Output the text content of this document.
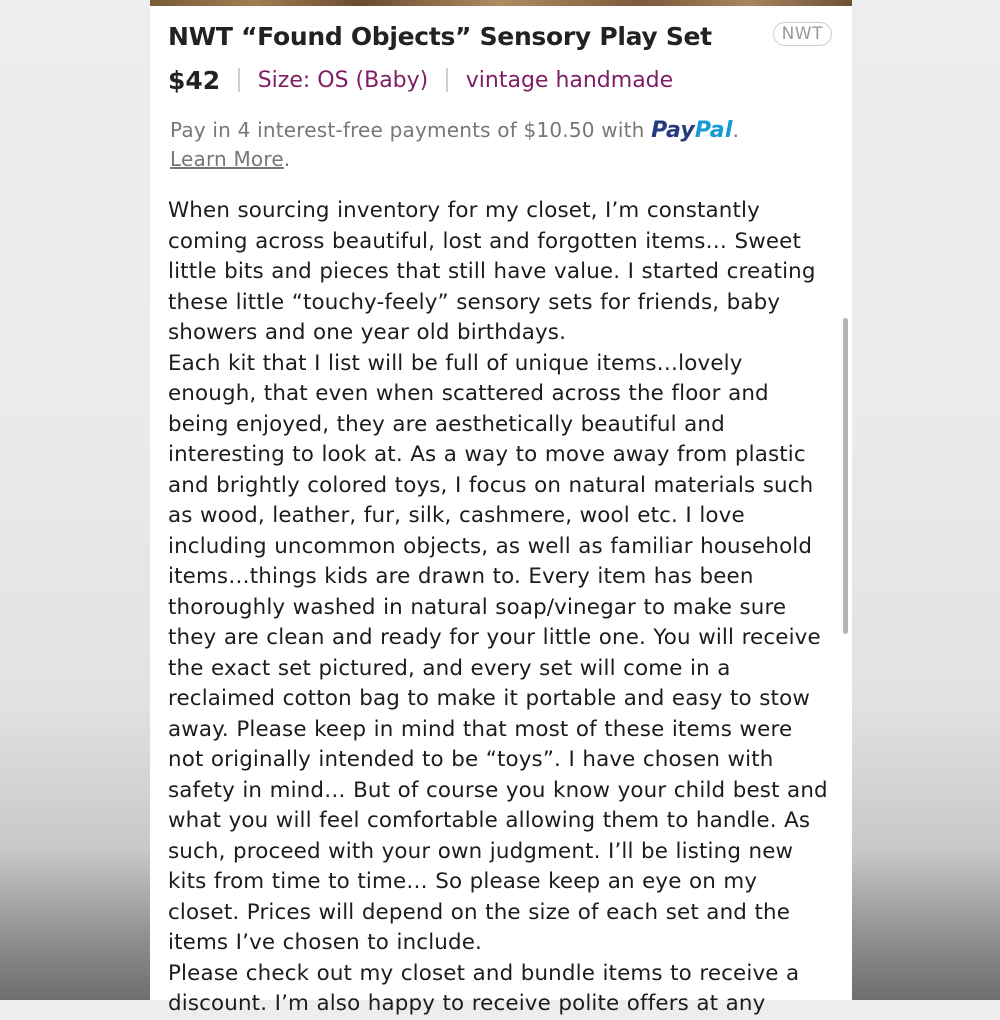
NWT “Found Objects” Sensory Play Set	NWT
$42 Size: OS (Baby) vintage handmade
Pay in 4 interest-free payments of $10.50 with PayPal.
Learn More.

When sourcing inventory for my closet, I’m constantly coming across beautiful, lost and forgotten items… Sweet little bits and pieces that still have value. I started creating these little “touchy-feely” sensory sets for friends, baby showers and one year old birthdays.

Each kit that I list will be full of unique items…lovely enough, that even when scattered across the floor and being enjoyed, they are aesthetically beautiful and interesting to look at. As a way to move away from plastic and brightly colored toys, I focus on natural materials such as wood, leather, fur, silk, cashmere, wool etc. I love including uncommon objects, as well as familiar household items…things kids are drawn to. Every item has been thoroughly washed in natural soap/vinegar to make sure they are clean and ready for your little one. You will receive the exact set pictured, and every set will come in a reclaimed cotton bag to make it portable and easy to stow away. Please keep in mind that most of these items were not originally intended to be “toys”. I have chosen with safety in mind… But of course you know your child best and what you will feel comfortable allowing them to handle. As such, proceed with your own judgment. I’ll be listing new kits from time to time… So please keep an eye on my closet. Prices will depend on the size of each set and the items I’ve chosen to include.

Please check out my closet and bundle items to receive a discount. I’m also happy to receive polite offers at any
